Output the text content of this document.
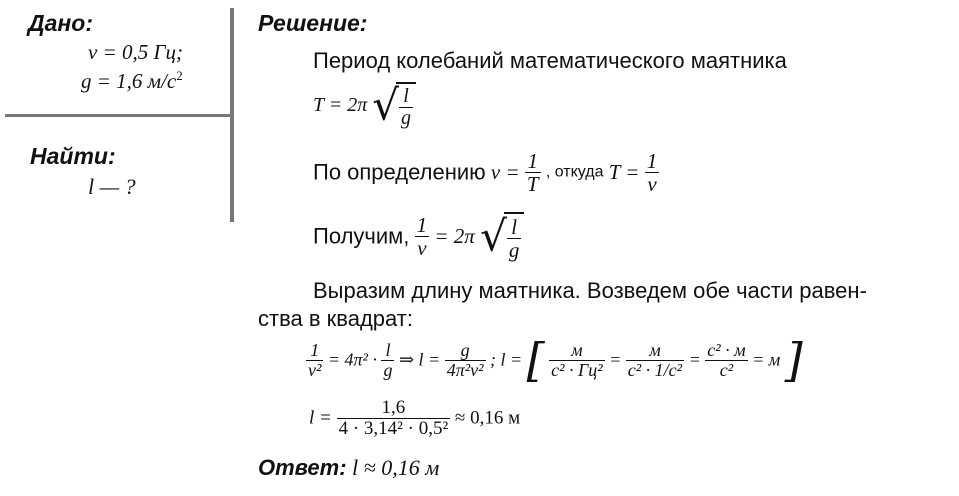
Дано:
ν = 0,5 Гц;
g = 1,6 $м/с^2$
Найти:
l — ?
Решение:
Период колебаний математического маятника
T = 2π √ $\frac{l}{g}$
По определению $\nu = \frac{1}{T}$ , откуда $T = \frac{1}{\nu}$
Получим, $\frac{1}{\nu} = 2\pi$ √ $\frac{l}{g}$
Выразим длину маятника. Возведем обе части равен-
ства в квадрат:
$\frac{1}{\text{ν²}} = 4\pi^2 \cdot \frac{l}{g}$ ⇒ $l = \frac{g}{\text{4π²ν²}}$ ; l = [ $\frac{м}{\text{с² · Гц²}} = \frac{м}{\text{с² · 1/с²}} = \frac{\text{с² · м}}{\text{с²}} = м$ ]
$l = \frac{1,6}{\text{4 · 3,14² · 0,5²}} \approx 0,16$ м
Ответ: l ≈ 0,16 м
